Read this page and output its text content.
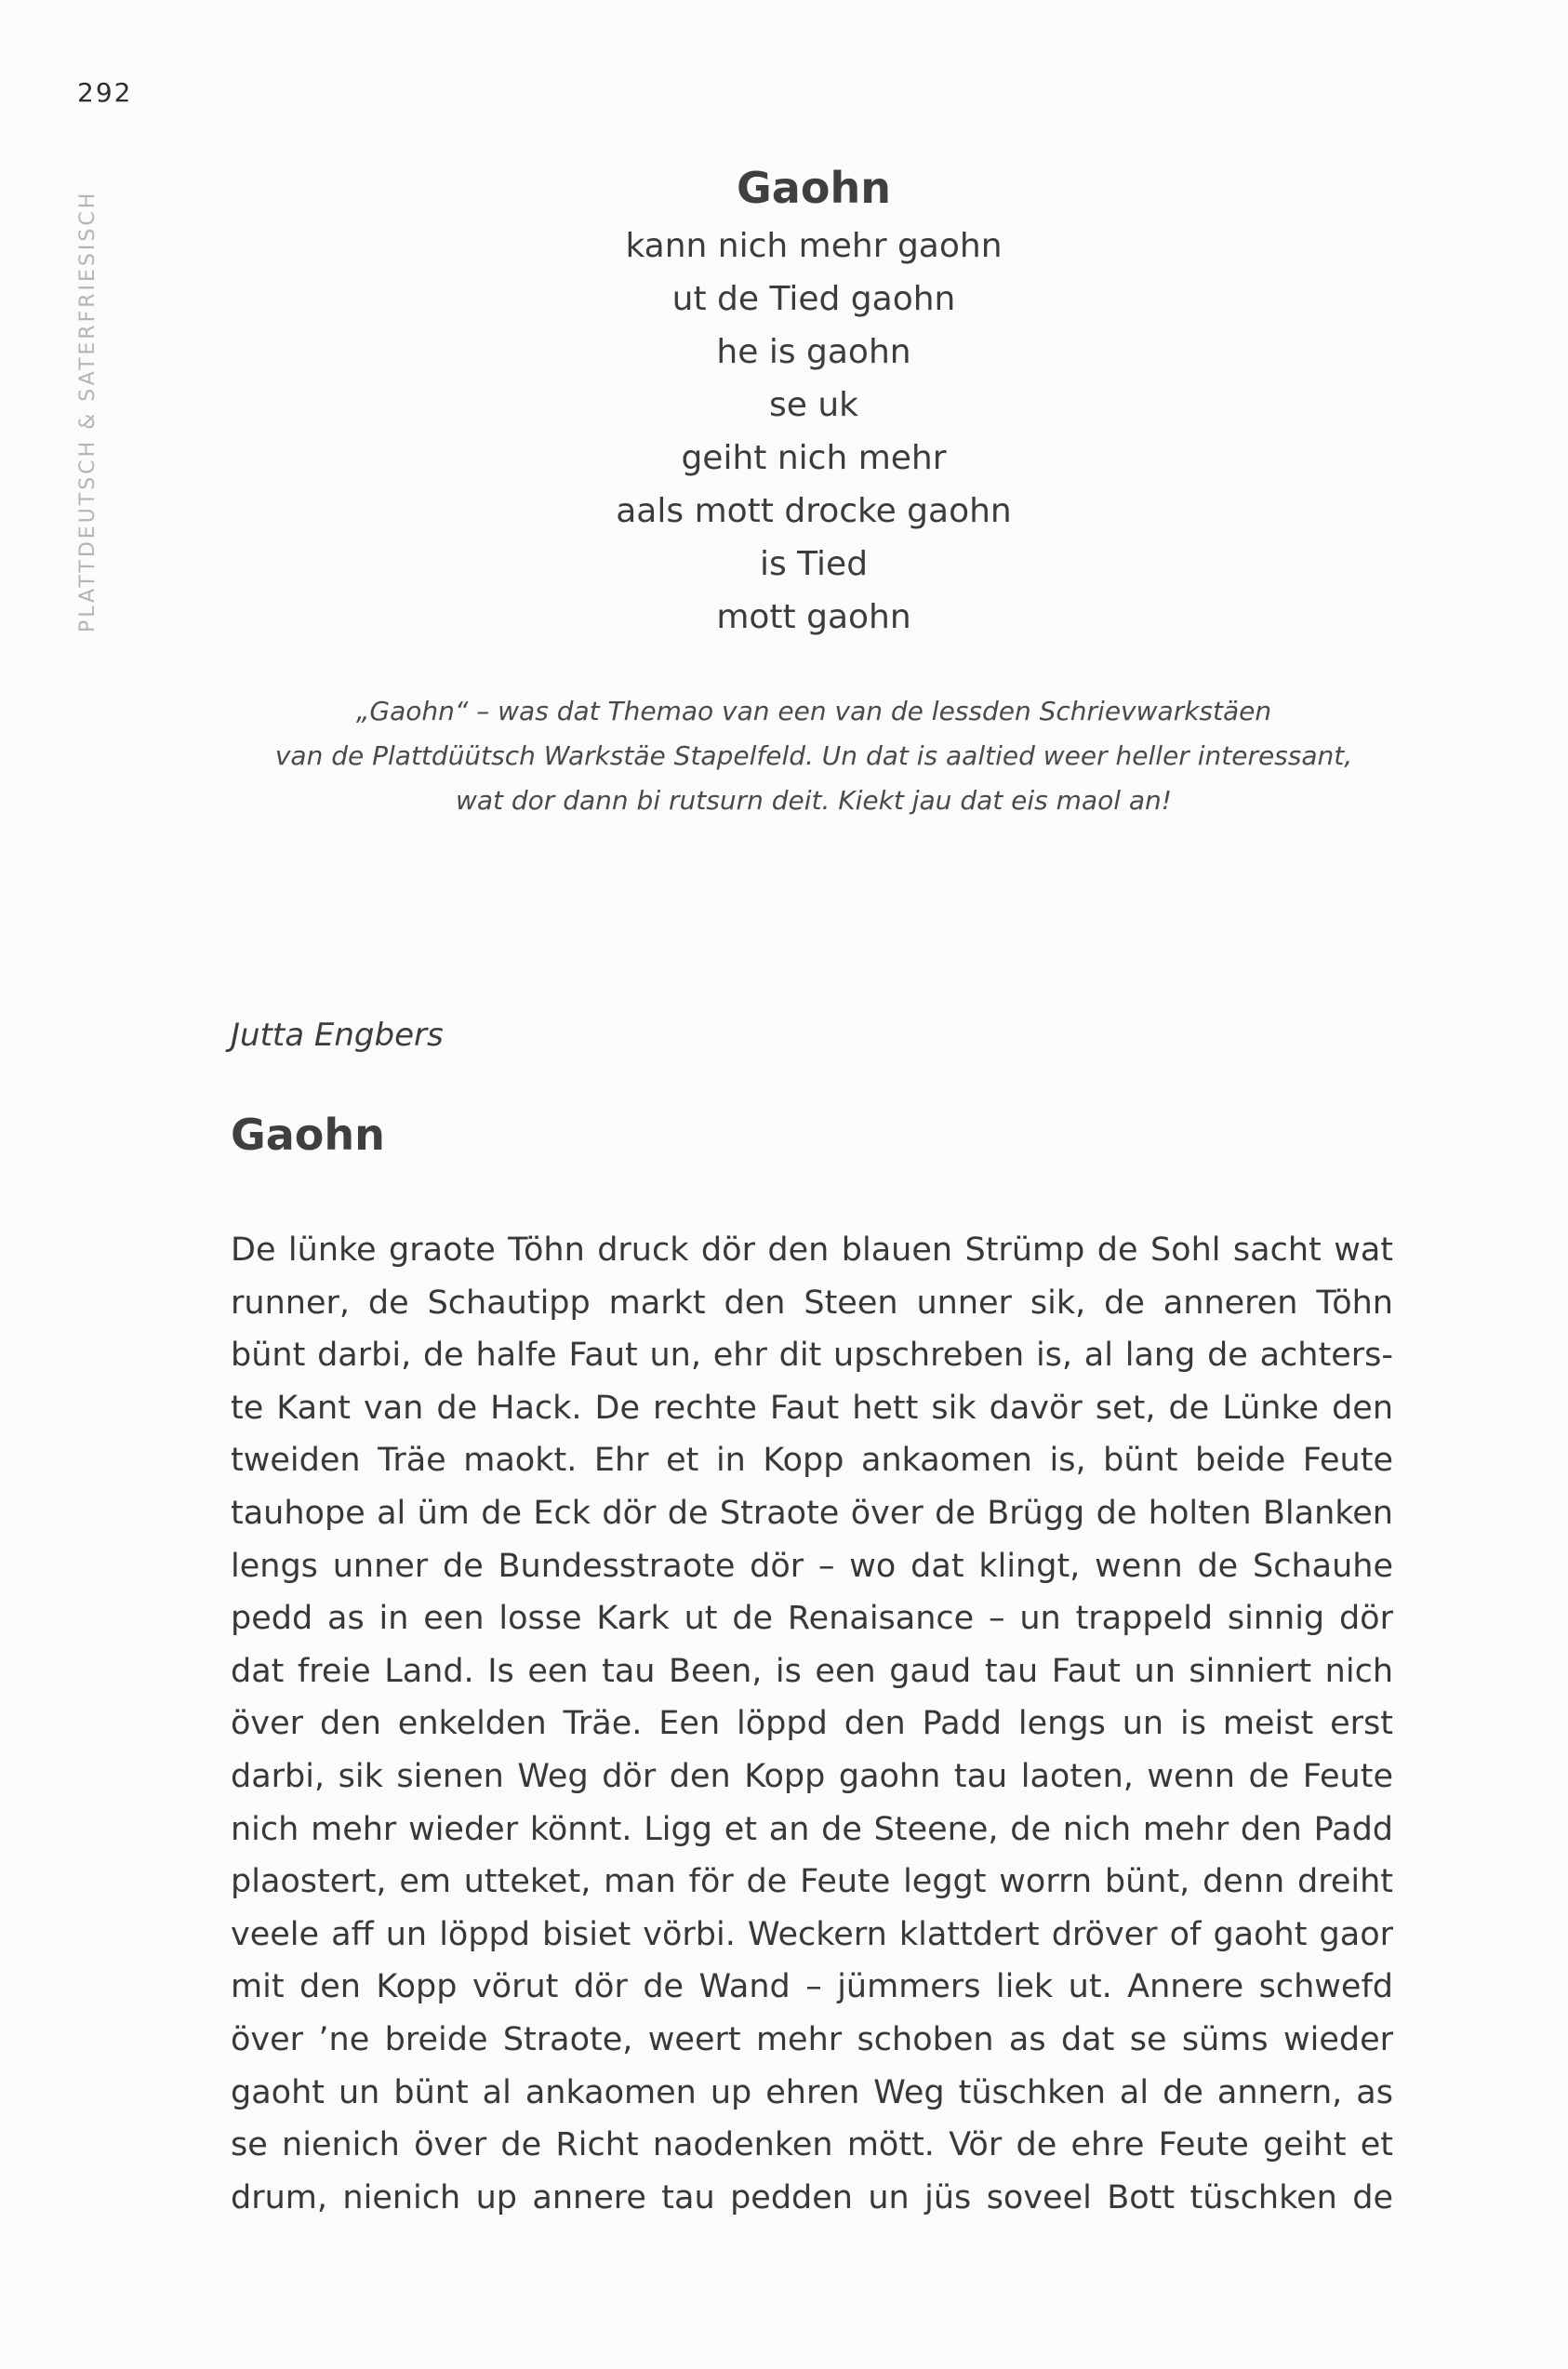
292
PLATTDEUTSCH & SATERFRIESISCH
Gaohn
kann nich mehr gaohn
ut de Tied gaohn
he is gaohn
se uk
geiht nich mehr
aals mott drocke gaohn
is Tied
mott gaohn
„Gaohn“ – was dat Themao van een van de lessden Schrievwarkstäen
van de Plattdüütsch Warkstäe Stapelfeld. Un dat is aaltied weer heller interessant,
wat dor dann bi rutsurn deit. Kiekt jau dat eis maol an!
Jutta Engbers
Gaohn
De lünke graote Töhn druck dör den blauen Strümp de Sohl sacht wat
runner, de Schautipp markt den Steen unner sik, de anneren Töhn
bünt darbi, de halfe Faut un, ehr dit upschreben is, al lang de achters-
te Kant van de Hack. De rechte Faut hett sik davör set, de Lünke den
tweiden Träe maokt. Ehr et in Kopp ankaomen is, bünt beide Feute
tauhope al üm de Eck dör de Straote över de Brügg de holten Blanken
lengs unner de Bundesstraote dör – wo dat klingt, wenn de Schauhe
pedd as in een losse Kark ut de Renaisance – un trappeld sinnig dör
dat freie Land. Is een tau Been, is een gaud tau Faut un sinniert nich
över den enkelden Träe. Een löppd den Padd lengs un is meist erst
darbi, sik sienen Weg dör den Kopp gaohn tau laoten, wenn de Feute
nich mehr wieder könnt. Ligg et an de Steene, de nich mehr den Padd
plaostert, em utteket, man för de Feute leggt worrn bünt, denn dreiht
veele aff un löppd bisiet vörbi. Weckern klattdert dröver of gaoht gaor
mit den Kopp vörut dör de Wand – jümmers liek ut. Annere schwefd
över ’ne breide Straote, weert mehr schoben as dat se süms wieder
gaoht un bünt al ankaomen up ehren Weg tüschken al de annern, as
se nienich över de Richt naodenken mött. Vör de ehre Feute geiht et
drum, nienich up annere tau pedden un jüs soveel Bott tüschken de
